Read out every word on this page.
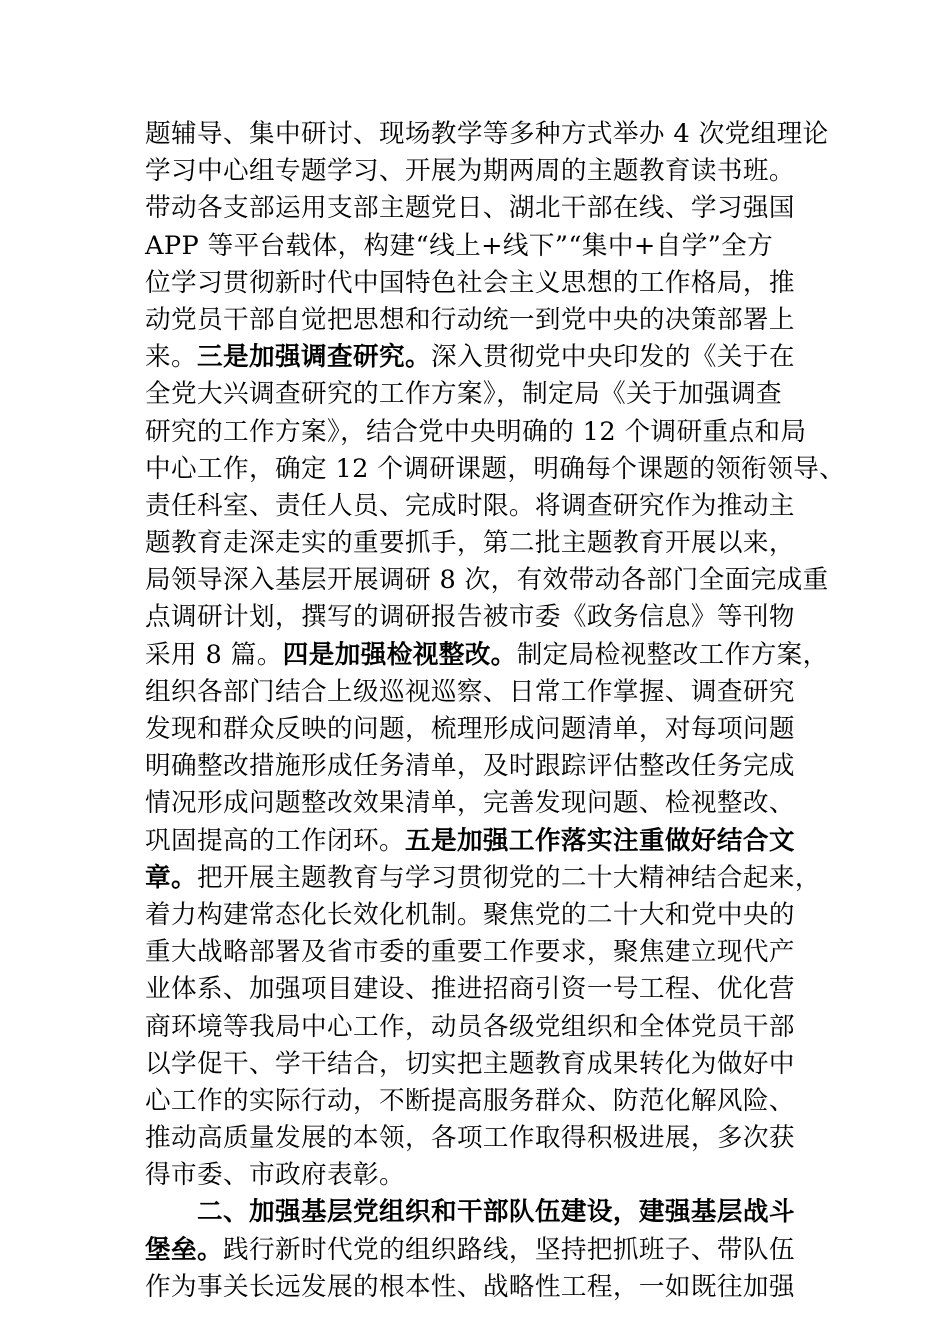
题辅导、集中研讨、现场教学等多种方式举办 4 次党组理论
学习中心组专题学习、开展为期两周的主题教育读书班。
带动各支部运用支部主题党日、湖北干部在线、学习强国
APP 等平台载体，构建“线上+线下”“集中+自学”全方
位学习贯彻新时代中国特色社会主义思想的工作格局，推
动党员干部自觉把思想和行动统一到党中央的决策部署上
来。三是加强调查研究。深入贯彻党中央印发的《关于在
全党大兴调查研究的工作方案》，制定局《关于加强调查
研究的工作方案》，结合党中央明确的 12 个调研重点和局
中心工作，确定 12 个调研课题，明确每个课题的领衔领导、
责任科室、责任人员、完成时限。将调查研究作为推动主
题教育走深走实的重要抓手，第二批主题教育开展以来，
局领导深入基层开展调研 8 次，有效带动各部门全面完成重
点调研计划，撰写的调研报告被市委《政务信息》等刊物
采用 8 篇。四是加强检视整改。制定局检视整改工作方案，
组织各部门结合上级巡视巡察、日常工作掌握、调查研究
发现和群众反映的问题，梳理形成问题清单，对每项问题
明确整改措施形成任务清单，及时跟踪评估整改任务完成
情况形成问题整改效果清单，完善发现问题、检视整改、
巩固提高的工作闭环。五是加强工作落实注重做好结合文
章。把开展主题教育与学习贯彻党的二十大精神结合起来，
着力构建常态化长效化机制。聚焦党的二十大和党中央的
重大战略部署及省市委的重要工作要求，聚焦建立现代产
业体系、加强项目建设、推进招商引资一号工程、优化营
商环境等我局中心工作，动员各级党组织和全体党员干部
以学促干、学干结合，切实把主题教育成果转化为做好中
心工作的实际行动，不断提高服务群众、防范化解风险、
推动高质量发展的本领，各项工作取得积极进展，多次获
得市委、市政府表彰。
二、加强基层党组织和干部队伍建设，建强基层战斗
堡垒。践行新时代党的组织路线，坚持把抓班子、带队伍
作为事关长远发展的根本性、战略性工程，一如既往加强
